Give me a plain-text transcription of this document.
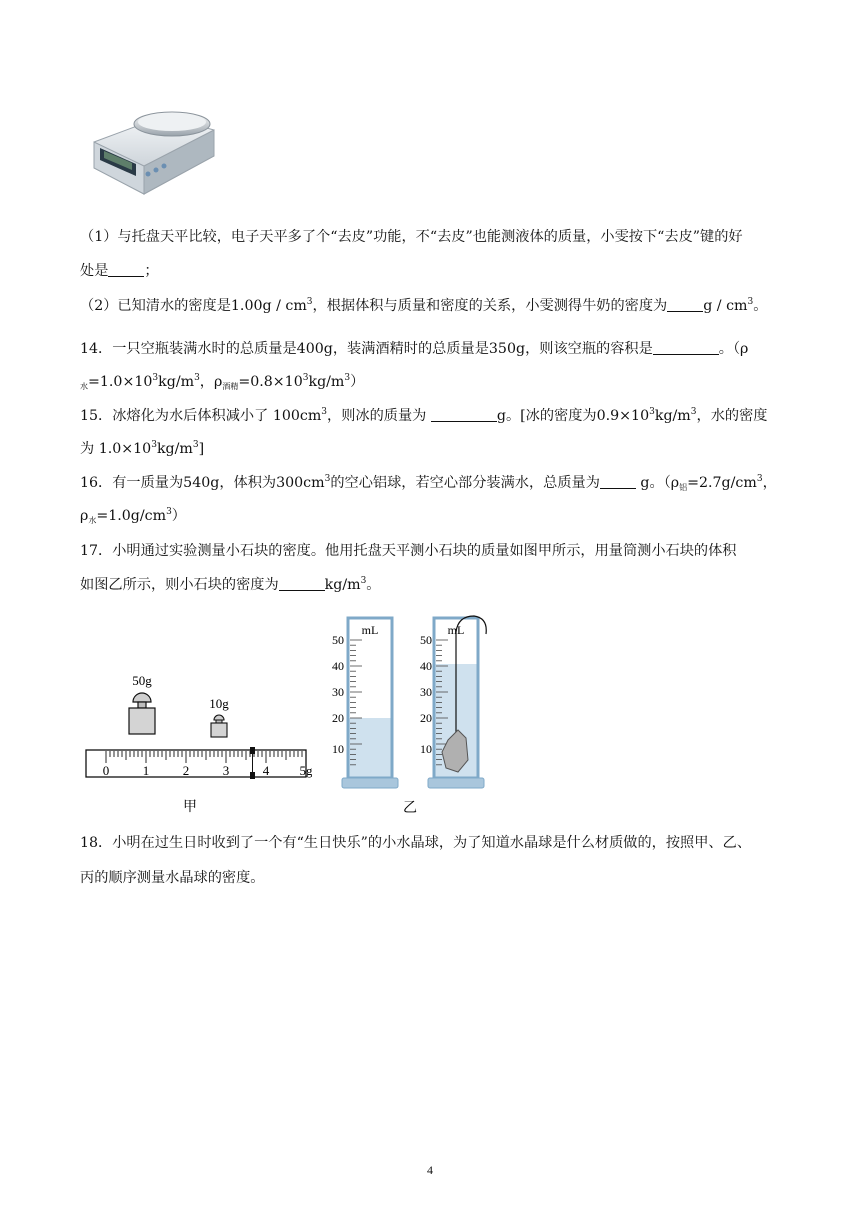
（1）与托盘天平比较，电子天平多了个“去皮”功能，不“去皮”也能测液体的质量，小雯按下“去皮”键的好
处是	；
（2）已知清水的密度是$1.00g / cm^3$，根据体积与质量和密度的关系，小雯测得牛奶的密度为	g / $cm^3$。
14．一只空瓶装满水时的总质量是400g，装满酒精时的总质量是350g，则该空瓶的容积是	。（ρ
$_水=1.0\times 10^3kg/m^3$，$\rho_{酒精}=0.8\times 10^3kg/m^3$）
15．冰熔化为水后体积减小了 $100cm^3$，则冰的质量为	g。[冰的密度为$0.9\times 10^3kg/m^3$，水的密度
为 $1.0\times 10^3kg/m^3$]
16．有一质量为540g，体积为$300cm^3$的空心铝球，若空心部分装满水，总质量为	g。（$\rho_铝=2.7g/cm^3$，
$\rho_水=1.0g/cm^3$）
17．小明通过实验测量小石块的密度。他用托盘天平测小石块的质量如图甲所示，用量筒测小石块的体积
如图乙所示，则小石块的密度为	$kg/m^3$。
50g
10g
0	1	2	3	4 5g
甲
mL
50
40
30
20
10
mL
50
40
30
20
10
乙
18．小明在过生日时收到了一个有“生日快乐”的小水晶球，为了知道水晶球是什么材质做的，按照甲、乙、
丙的顺序测量水晶球的密度。
4
